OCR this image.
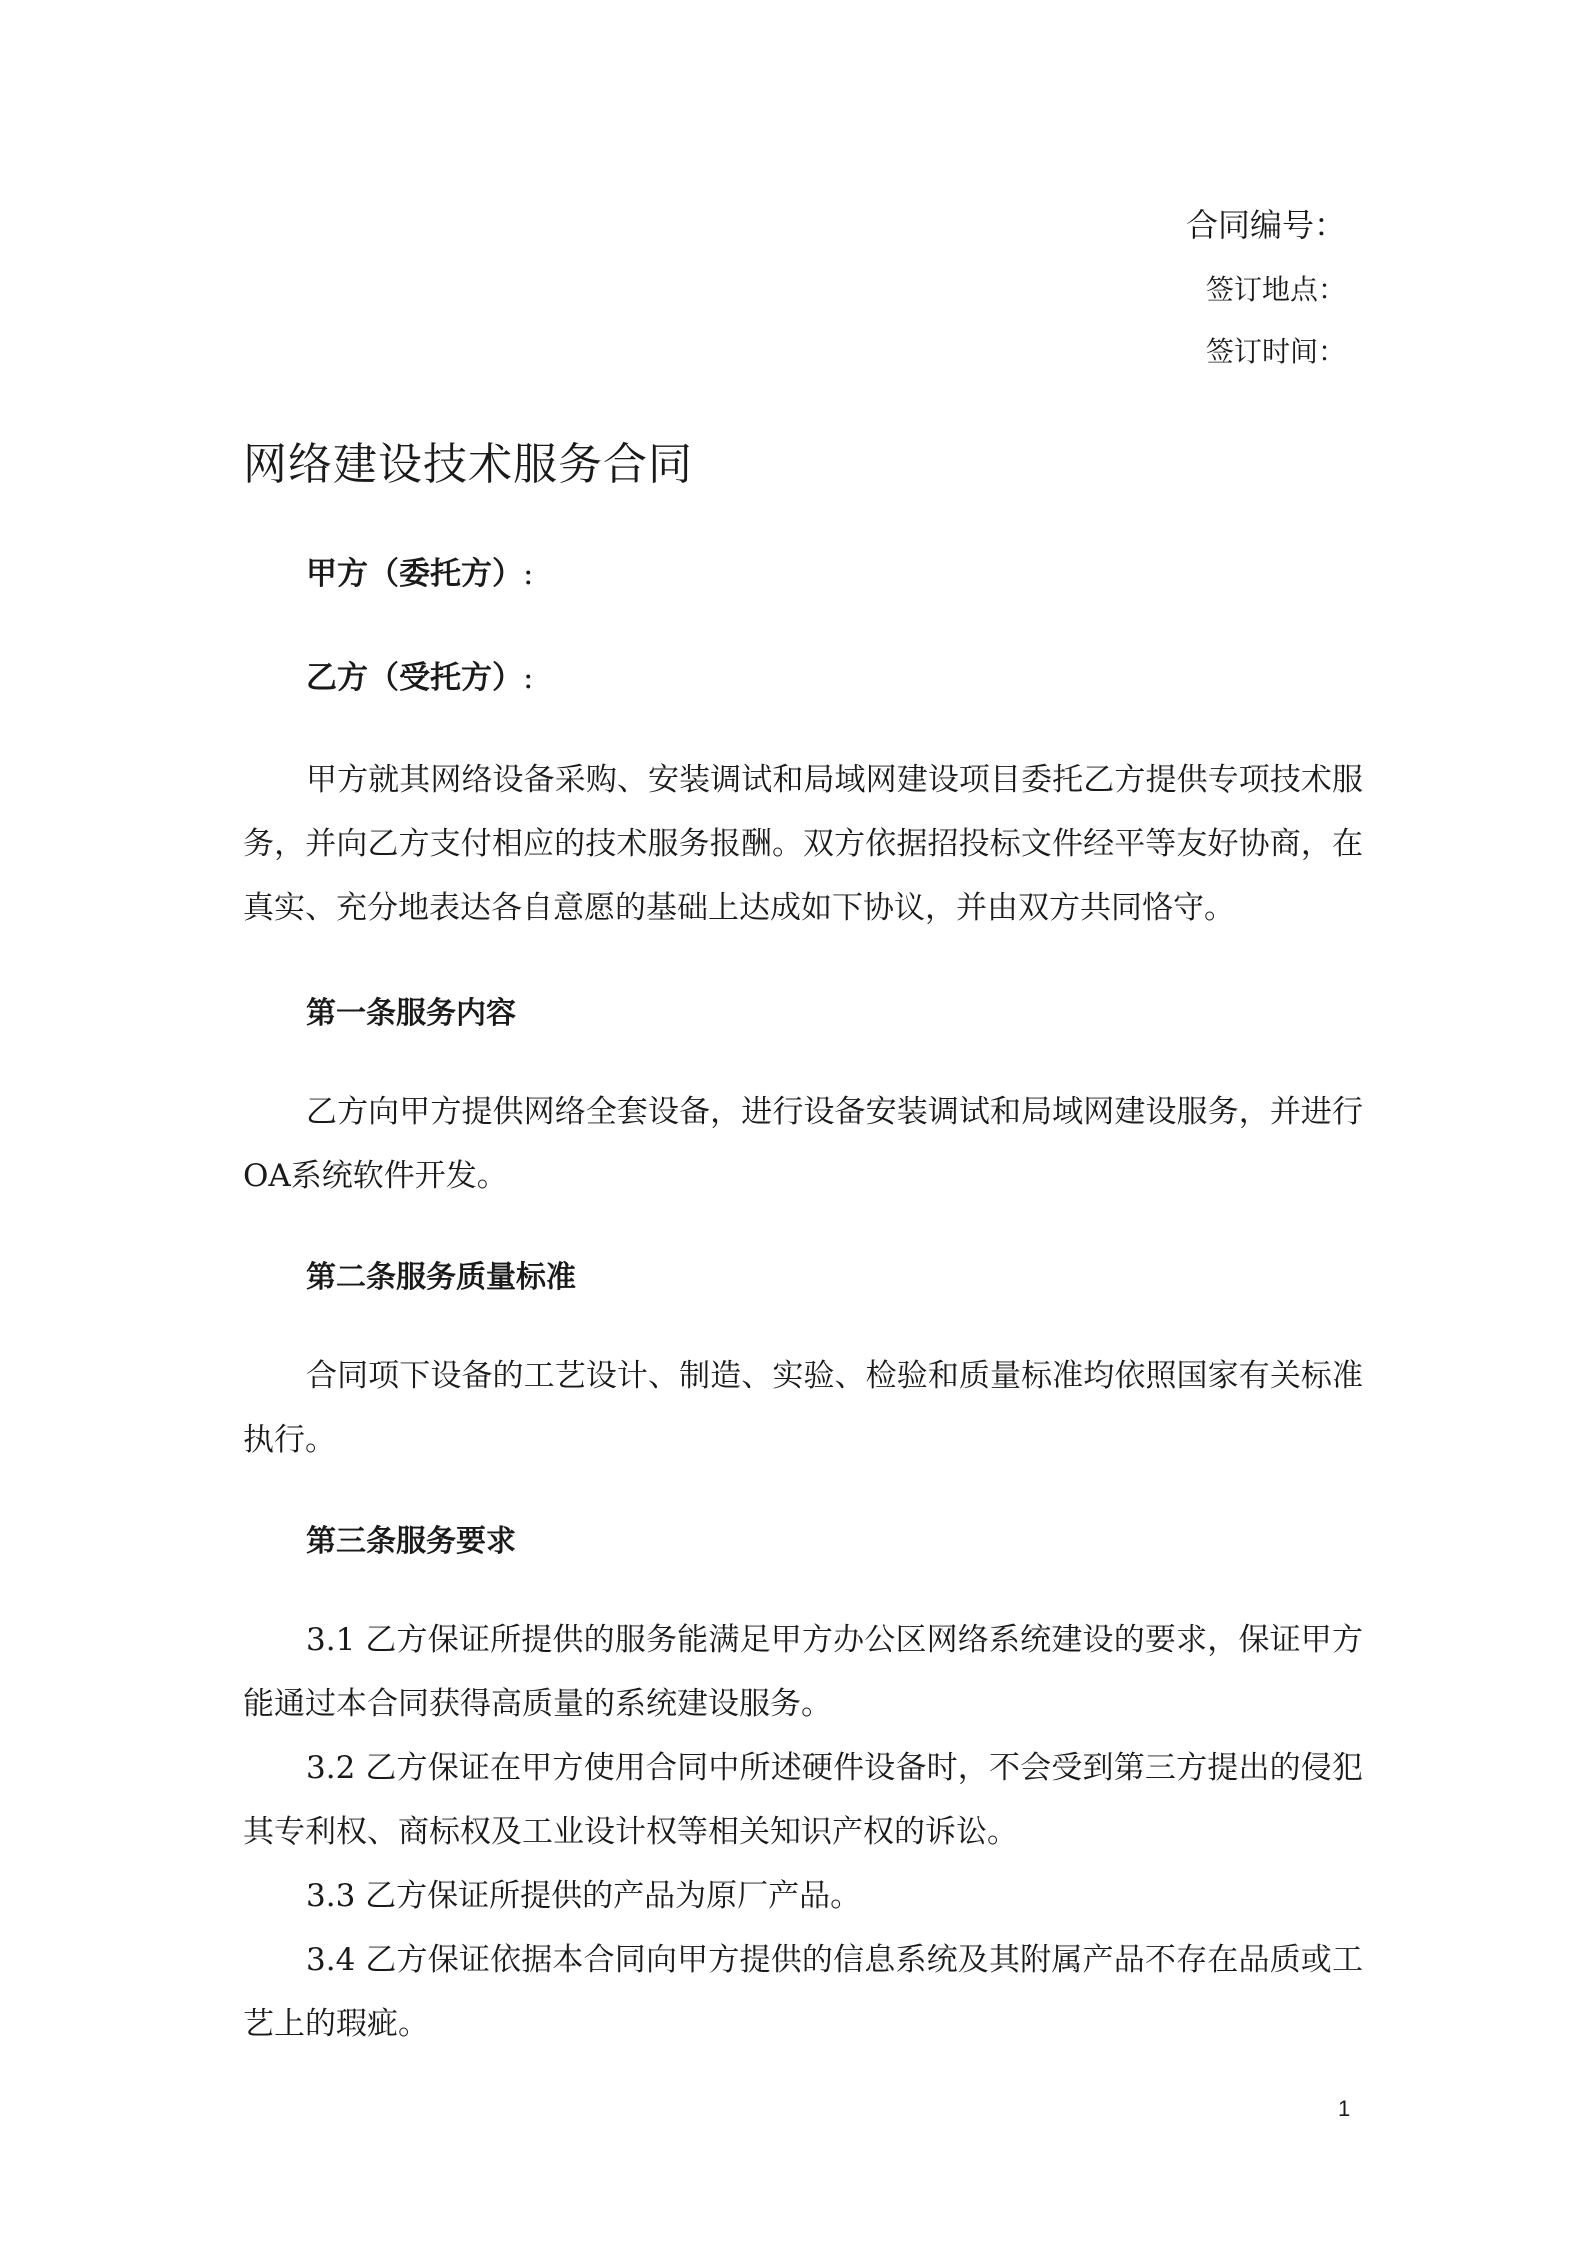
合同编号：
签订地点：
签订时间：
网络建设技术服务合同
甲方（委托方）:
乙方（受托方）:

甲方就其网络设备采购、安装调试和局域网建设项目委托乙方提供专项技术服务，并向乙方支付相应的技术服务报酬。双方依据招投标文件经平等友好协商，在真实、充分地表达各自意愿的基础上达成如下协议，并由双方共同恪守。

第一条服务内容

乙方向甲方提供网络全套设备，进行设备安装调试和局域网建设服务，并进行OA系统软件开发。

第二条服务质量标准

合同项下设备的工艺设计、制造、实验、检验和质量标准均依照国家有关标准执行。

第三条服务要求

3.1 乙方保证所提供的服务能满足甲方办公区网络系统建设的要求，保证甲方能通过本合同获得高质量的系统建设服务。

3.2 乙方保证在甲方使用合同中所述硬件设备时，不会受到第三方提出的侵犯其专利权、商标权及工业设计权等相关知识产权的诉讼。

3.3 乙方保证所提供的产品为原厂产品。

3.4 乙方保证依据本合同向甲方提供的信息系统及其附属产品不存在品质或工艺上的瑕疵。

1
